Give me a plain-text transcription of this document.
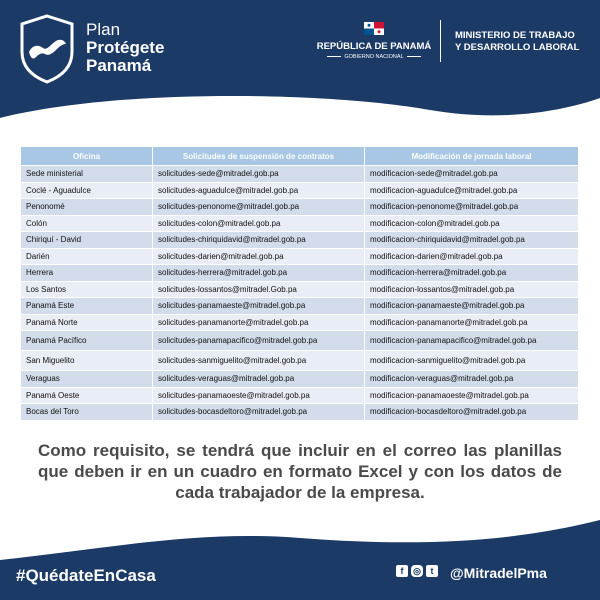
Plan
Protégete
Panamá
REPÚBLICA DE PANAMÁ
GOBIERNO NACIONAL
MINISTERIO DE TRABAJO
Y DESARROLLO LABORAL
Oficina	Solicitudes de suspensión de contratos	Modificación de jornada laboral
Sede ministerial	solicitudes-sede@mitradel.gob.pa	modificacion-sede@mitradel.gob.pa
Coclé - Aguadulce	solicitudes-aguadulce@mitradel.gob.pa	modificacion-aguadulce@mitradel.gob.pa
Penonomé	solicitudes-penonome@mitradel.gob.pa	modificacion-penonome@mitradel.gob.pa
Colón	solicitudes-colon@mitradel.gob.pa	modificacion-colon@mitradel.gob.pa
Chiriquí - David	solicitudes-chiriquidavid@mitradel.gob.pa	modificacion-chiriquidavid@mitradel.gob.pa
Darién	solicitudes-darien@mitradel.gob.pa	modificacion-darien@mitradel.gob.pa
Herrera	solicitudes-herrera@mitradel.gob.pa	modificacion-herrera@mitradel.gob.pa
Los Santos	solicitudes-lossantos@mitradel.Gob.pa	modificacion-lossantos@mitradel.gob.pa
Panamá Este	solicitudes-panamaeste@mitradel.gob.pa	modificacion-panamaeste@mitradel.gob.pa
Panamá Norte	solicitudes-panamanorte@mitradel.gob.pa	modificacion-panamanorte@mitradel.gob.pa
Panamá Pacífico	solicitudes-panamapacifico@mitradel.gob.pa	modificacion-panamapacifico@mitradel.gob.pa
San Miguelito	solicitudes-sanmiguelito@mitradel.gob.pa	modificacion-sanmiguelito@mitradel.gob.pa
Veraguas	solicitudes-veraguas@mitradel.gob.pa	modificacion-veraguas@mitradel.gob.pa
Panamá Oeste	solicitudes-panamaoeste@mitradel.gob.pa	modificacion-panamaoeste@mitradel.gob.pa
Bocas del Toro	solicitudes-bocasdeltoro@mitradel.gob.pa	modificacion-bocasdeltoro@mitradel.gob.pa
Como requisito, se tendrá que incluir en el correo las planillas que deben ir en un cuadro en formato Excel y con los datos de cada trabajador de la empresa.
#QuédateEnCasa	f	◎	t	@MitradelPma
